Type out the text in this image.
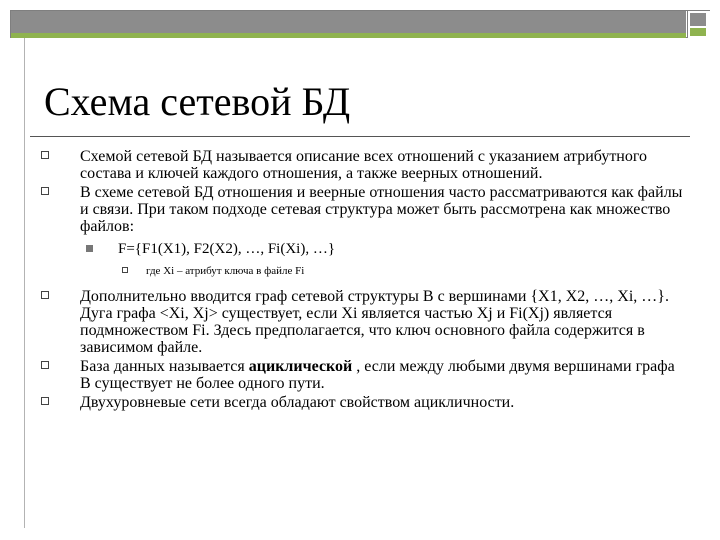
Схема сетевой БД
Схемой сетевой БД называется описание всех отношений с указанием атрибутного состава и ключей каждого отношения, а также веерных отношений.
В схеме сетевой БД отношения и веерные отношения часто рассматриваются как файлы и связи. При таком подходе сетевая структура может быть рассмотрена как множество файлов:
F={F1(X1), F2(X2), …, Fi(Xi), …}
где Xi – атрибут ключа в файле Fi
Дополнительно вводится граф сетевой структуры В с вершинами {X1, X2, …, Xi, …}. Дуга графа <Xi, Xj> существует, если Xi является частью Xj и Fi(Xj) является подмножеством Fi. Здесь предполагается, что ключ основного файла содержится в зависимом файле.
База данных называется ациклической , если между любыми двумя вершинами графа В существует не более одного пути.
Двухуровневые сети всегда обладают свойством ацикличности.
